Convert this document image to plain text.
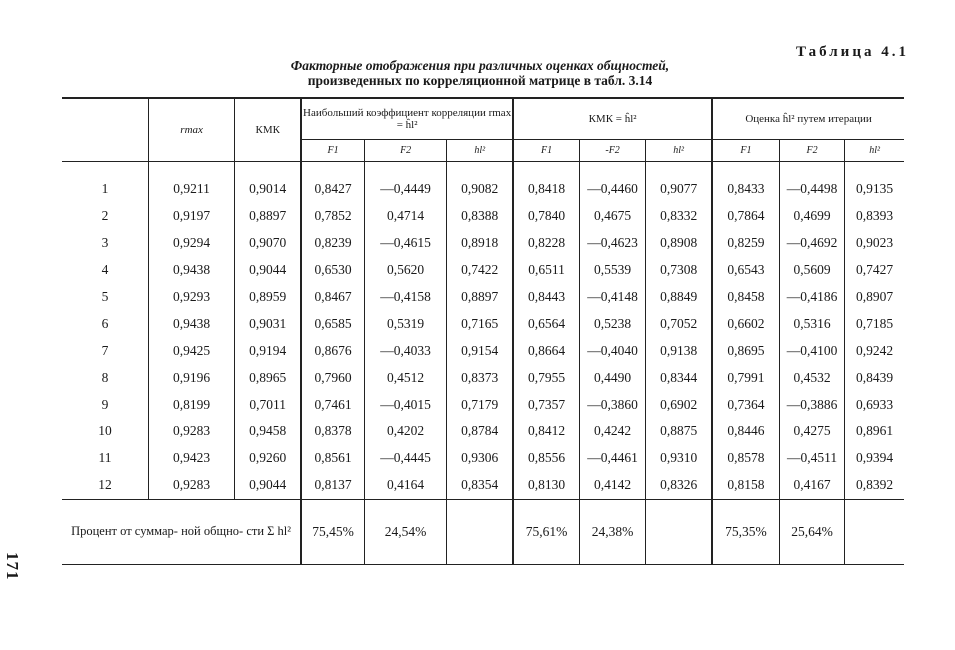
Таблица 4.1
Факторные отображения при различных оценках общностей,
произведенных по корреляционной матрице в табл. 3.14
171
	rmax	КМК	Наибольший коэффициент корреляции rmax = ĥl²			КМК = ĥl²			Оценка ĥl² путем итерации		
			F1	F2	hl²	F1	-F2	hl²	F1	F2	hl²

1	0,9211	0,9014	0,8427	—0,4449	0,9082	0,8418	—0,4460	0,9077	0,8433	—0,4498	0,9135
2	0,9197	0,8897	0,7852	0,4714	0,8388	0,7840	0,4675	0,8332	0,7864	0,4699	0,8393
3	0,9294	0,9070	0,8239	—0,4615	0,8918	0,8228	—0,4623	0,8908	0,8259	—0,4692	0,9023
4	0,9438	0,9044	0,6530	0,5620	0,7422	0,6511	0,5539	0,7308	0,6543	0,5609	0,7427
5	0,9293	0,8959	0,8467	—0,4158	0,8897	0,8443	—0,4148	0,8849	0,8458	—0,4186	0,8907
6	0,9438	0,9031	0,6585	0,5319	0,7165	0,6564	0,5238	0,7052	0,6602	0,5316	0,7185
7	0,9425	0,9194	0,8676	—0,4033	0,9154	0,8664	—0,4040	0,9138	0,8695	—0,4100	0,9242
8	0,9196	0,8965	0,7960	0,4512	0,8373	0,7955	0,4490	0,8344	0,7991	0,4532	0,8439
9	0,8199	0,7011	0,7461	—0,4015	0,7179	0,7357	—0,3860	0,6902	0,7364	—0,3886	0,6933
10	0,9283	0,9458	0,8378	0,4202	0,8784	0,8412	0,4242	0,8875	0,8446	0,4275	0,8961
11	0,9423	0,9260	0,8561	—0,4445	0,9306	0,8556	—0,4461	0,9310	0,8578	—0,4511	0,9394
12	0,9283	0,9044	0,8137	0,4164	0,8354	0,8130	0,4142	0,8326	0,8158	0,4167	0,8392
Процент от суммар- ной общно- сти Σ hl²			75,45%	24,54%		75,61%	24,38%		75,35%	25,64%	
